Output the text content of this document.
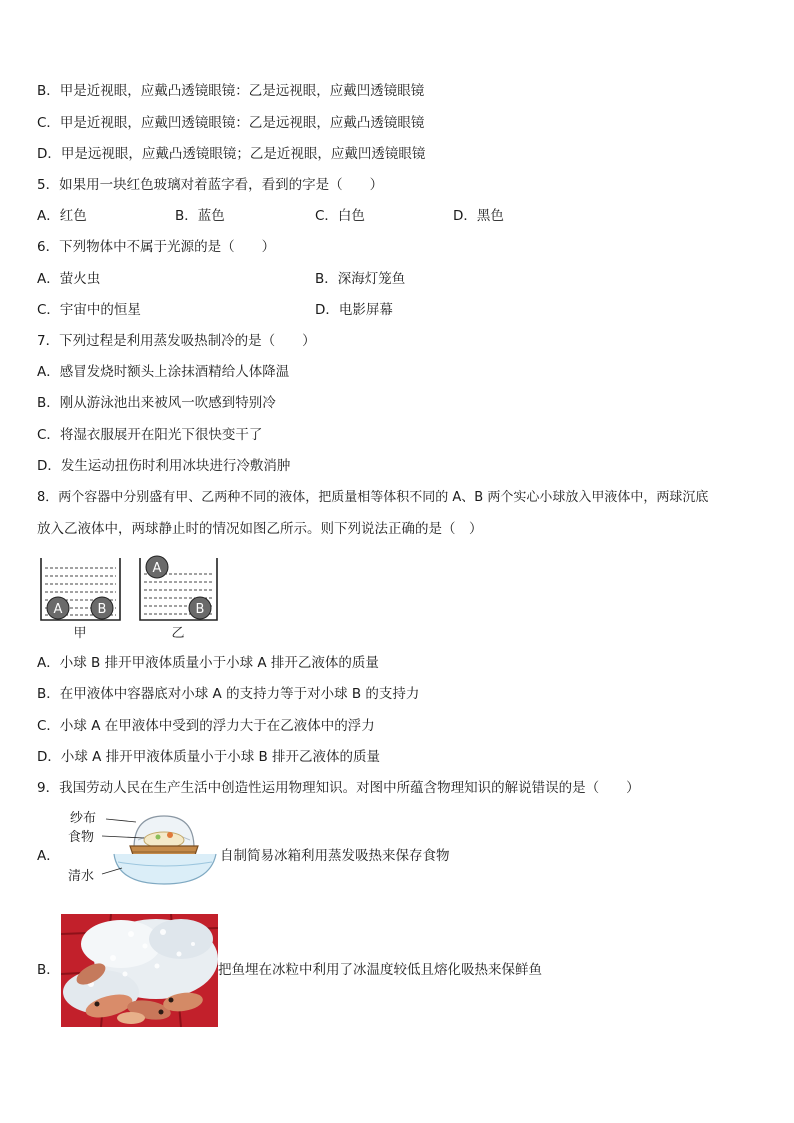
B．甲是近视眼，应戴凸透镜眼镜：乙是远视眼，应戴凹透镜眼镜
C．甲是近视眼，应戴凹透镜眼镜：乙是远视眼，应戴凸透镜眼镜
D．甲是远视眼，应戴凸透镜眼镜；乙是近视眼，应戴凹透镜眼镜
5．如果用一块红色玻璃对着蓝字看，看到的字是（　　）
A．红色	B．蓝色	C．白色	D．黑色
6．下列物体中不属于光源的是（　　）
A．萤火虫	B．深海灯笼鱼
C．宇宙中的恒星	D．电影屏幕
7．下列过程是利用蒸发吸热制冷的是（　　）
A．感冒发烧时额头上涂抹酒精给人体降温
B．刚从游泳池出来被风一吹感到特别冷
C．将湿衣服展开在阳光下很快变干了
D．发生运动扭伤时利用冰块进行冷敷消肿
8．两个容器中分别盛有甲、乙两种不同的液体，把质量相等体积不同的 A、B 两个实心小球放入甲液体中，两球沉底
放入乙液体中，两球静止时的情况如图乙所示。则下列说法正确的是（　）
A	B
甲
A
B
乙
A．小球 B 排开甲液体质量小于小球 A 排开乙液体的质量
B．在甲液体中容器底对小球 A 的支持力等于对小球 B 的支持力
C．小球 A 在甲液体中受到的浮力大于在乙液体中的浮力
D．小球 A 排开甲液体质量小于小球 B 排开乙液体的质量
9．我国劳动人民在生产生活中创造性运用物理知识。对图中所蕴含物理知识的解说错误的是（　　）
A．
纱布
食物
清水
自制简易冰箱利用蒸发吸热来保存食物
B．	把鱼埋在冰粒中利用了冰温度较低且熔化吸热来保鲜鱼
